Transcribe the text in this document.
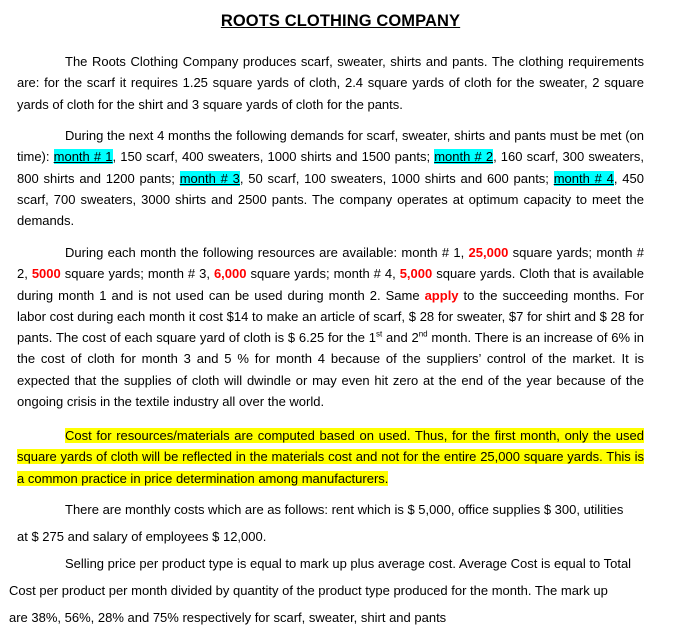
ROOTS CLOTHING COMPANY
The Roots Clothing Company produces scarf, sweater, shirts and pants. The clothing requirements are: for the scarf it requires 1.25 square yards of cloth, 2.4 square yards of cloth for the sweater, 2 square yards of cloth for the shirt and 3 square yards of cloth for the pants.
During the next 4 months the following demands for scarf, sweater, shirts and pants must be met (on time): month # 1, 150 scarf, 400 sweaters, 1000 shirts and 1500 pants; month # 2, 160 scarf, 300 sweaters, 800 shirts and 1200 pants; month # 3, 50 scarf, 100 sweaters, 1000 shirts and 600 pants; month # 4, 450 scarf, 700 sweaters, 3000 shirts and 2500 pants. The company operates at optimum capacity to meet the demands.
During each month the following resources are available: month # 1, 25,000 square yards; month # 2, 5000 square yards; month # 3, 6,000 square yards; month # 4, 5,000 square yards. Cloth that is available during month 1 and is not used can be used during month 2. Same apply to the succeeding months. For labor cost during each month it cost $14 to make an article of scarf, $ 28 for sweater, $7 for shirt and $ 28 for pants. The cost of each square yard of cloth is $ 6.25 for the 1st and 2nd month. There is an increase of 6% in the cost of cloth for month 3 and 5 % for month 4 because of the suppliers’ control of the market. It is expected that the supplies of cloth will dwindle or may even hit zero at the end of the year because of the ongoing crisis in the textile industry all over the world.
Cost for resources/materials are computed based on used. Thus, for the first month, only the used square yards of cloth will be reflected in the materials cost and not for the entire 25,000 square yards. This is a common practice in price determination among manufacturers.
There are monthly costs which are as follows: rent which is $ 5,000, office supplies $ 300, utilities
at $ 275 and salary of employees $ 12,000.
Selling price per product type is equal to mark up plus average cost. Average Cost is equal to Total
Cost per product per month divided by quantity of the product type produced for the month. The mark up
are 38%, 56%, 28% and 75% respectively for scarf, sweater, shirt and pants
